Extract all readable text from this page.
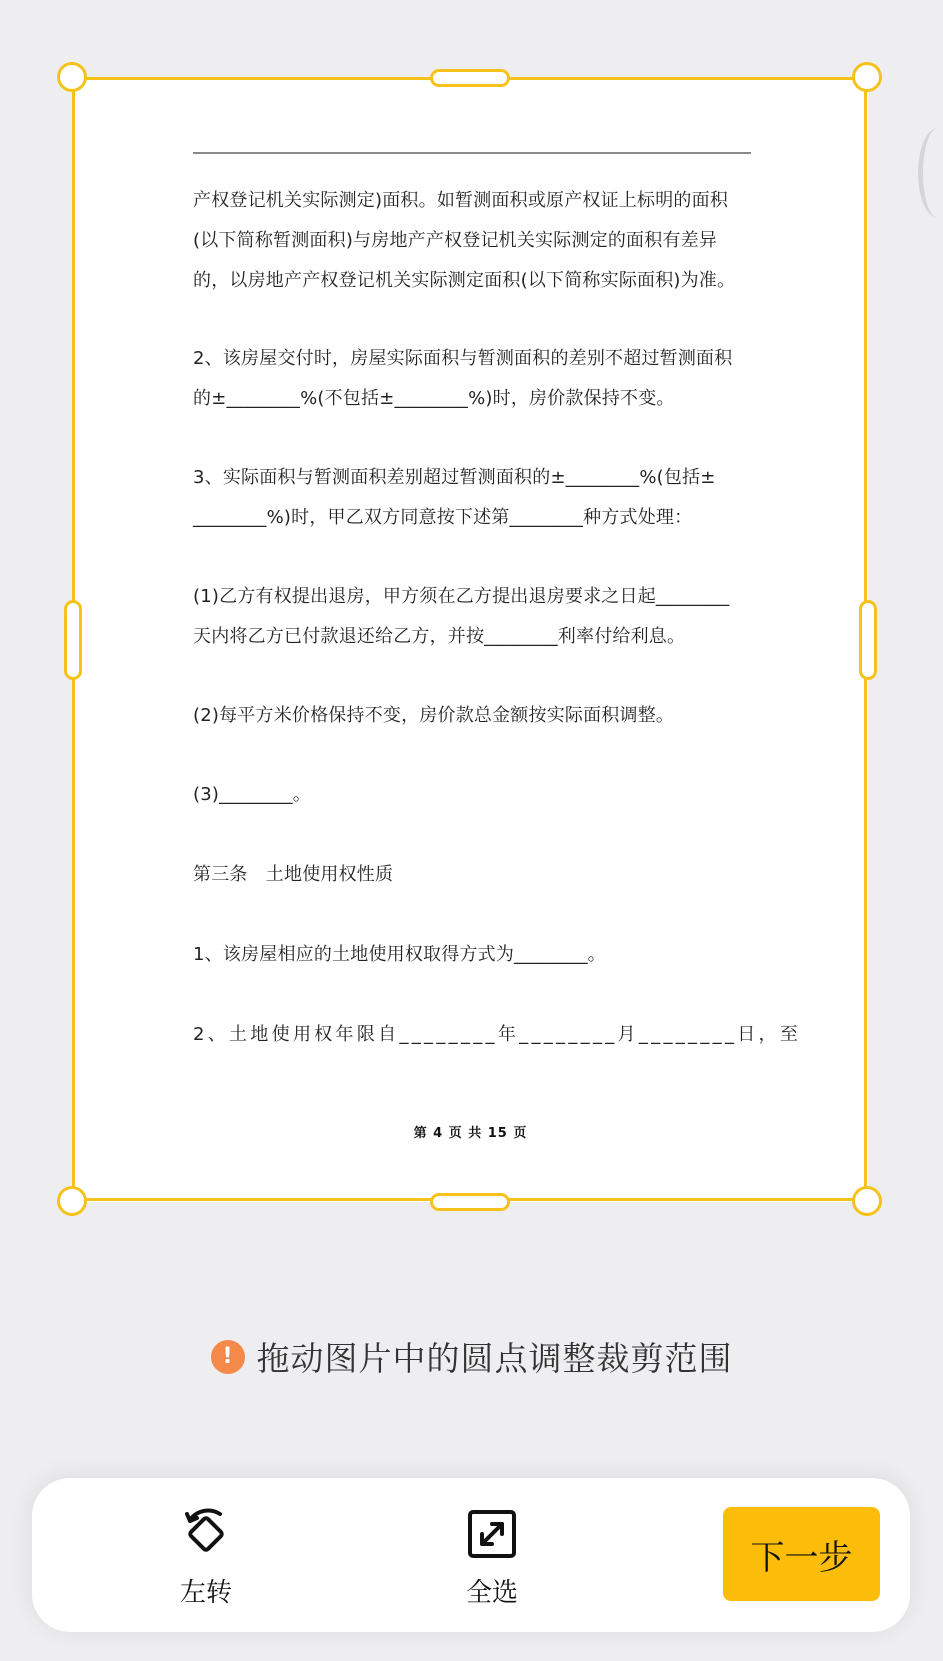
产权登记机关实际测定)面积。如暂测面积或原产权证上标明的面积
(以下简称暂测面积)与房地产产权登记机关实际测定的面积有差异
的，以房地产产权登记机关实际测定面积(以下简称实际面积)为准。
2、该房屋交付时，房屋实际面积与暂测面积的差别不超过暂测面积
的±________%(不包括±________%)时，房价款保持不变。
3、实际面积与暂测面积差别超过暂测面积的±________%(包括±
________%)时，甲乙双方同意按下述第________种方式处理：
(1)乙方有权提出退房，甲方须在乙方提出退房要求之日起________
天内将乙方已付款退还给乙方，并按________利率付给利息。
(2)每平方米价格保持不变，房价款总金额按实际面积调整。
(3)________。
第三条　土地使用权性质
1、该房屋相应的土地使用权取得方式为________。
2、土地使用权年限自________年________月________日，至
第 4 页 共 15 页
! 拖动图片中的圆点调整裁剪范围
左转	全选
下一步
